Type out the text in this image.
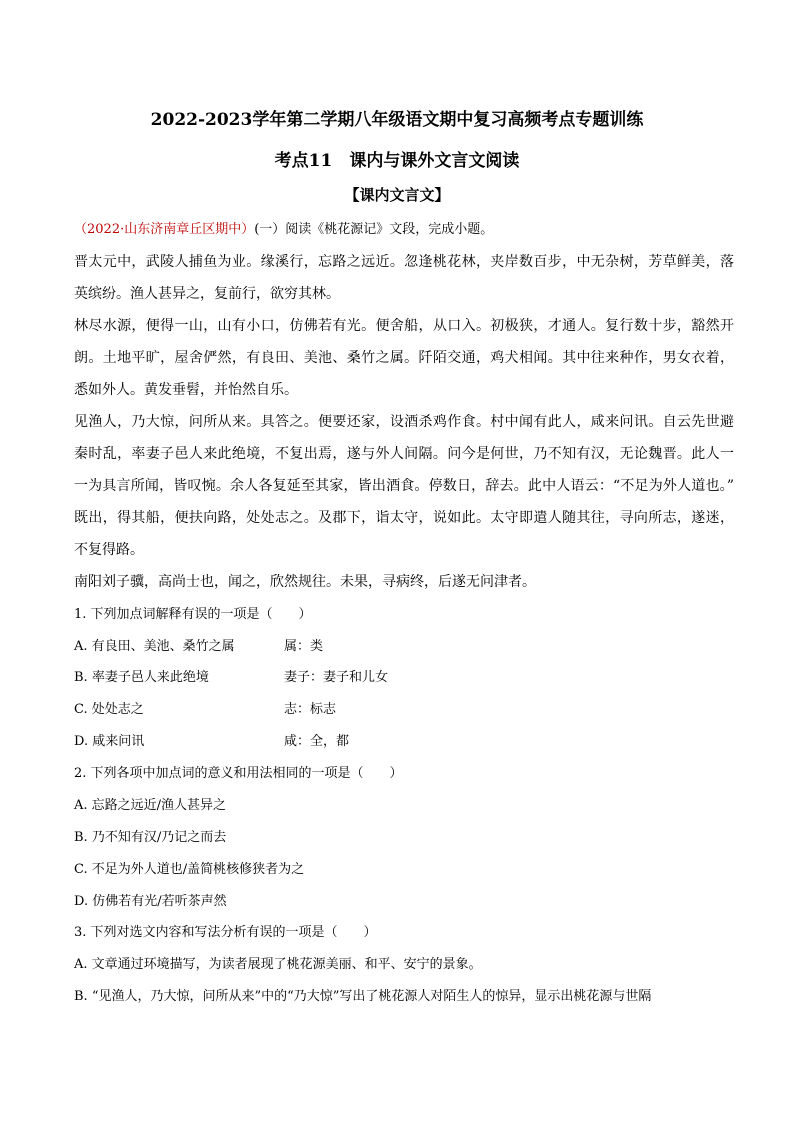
2022-2023学年第二学期八年级语文期中复习高频考点专题训练
考点11　课内与课外文言文阅读
【课内文言文】
（2022·山东济南章丘区期中）(一）阅读《桃花源记》文段，完成小题。
晋太元中，武陵人捕鱼为业。缘溪行，忘路之远近。忽逢桃花林，夹岸数百步，中无杂树，芳草鲜美，落
英缤纷。渔人甚异之，复前行，欲穷其林。
林尽水源，便得一山，山有小口，仿佛若有光。便舍船，从口入。初极狭，才通人。复行数十步，豁然开
朗。土地平旷，屋舍俨然，有良田、美池、桑竹之属。阡陌交通，鸡犬相闻。其中往来种作，男女衣着，
悉如外人。黄发垂髫，并怡然自乐。
见渔人，乃大惊，问所从来。具答之。便要还家，设酒杀鸡作食。村中闻有此人，咸来问讯。自云先世避
秦时乱，率妻子邑人来此绝境，不复出焉，遂与外人间隔。问今是何世，乃不知有汉，无论魏晋。此人一
一为具言所闻，皆叹惋。余人各复延至其家，皆出酒食。停数日，辞去。此中人语云：“不足为外人道也。”
既出，得其船，便扶向路，处处志之。及郡下，诣太守，说如此。太守即遣人随其往，寻向所志，遂迷，
不复得路。
南阳刘子骥，高尚士也，闻之，欣然规往。未果，寻病终，后遂无问津者。
1. 下列加点词解释有误的一项是（　　）
A. 有良田、美池、桑竹之属	属：类
B. 率妻子邑人来此绝境	妻子：妻子和儿女
C. 处处志之	志：标志
D. 咸来问讯	咸：全，都
2. 下列各项中加点词的意义和用法相同的一项是（　　）
A. 忘路之远近/渔人甚异之
B. 乃不知有汉/乃记之而去
C. 不足为外人道也/盖简桃核修狭者为之
D. 仿佛若有光/若听茶声然
3. 下列对选文内容和写法分析有误的一项是（　　）
A. 文章通过环境描写，为读者展现了桃花源美丽、和平、安宁的景象。
B. “见渔人，乃大惊，问所从来”中的“乃大惊”写出了桃花源人对陌生人的惊异，显示出桃花源与世隔
